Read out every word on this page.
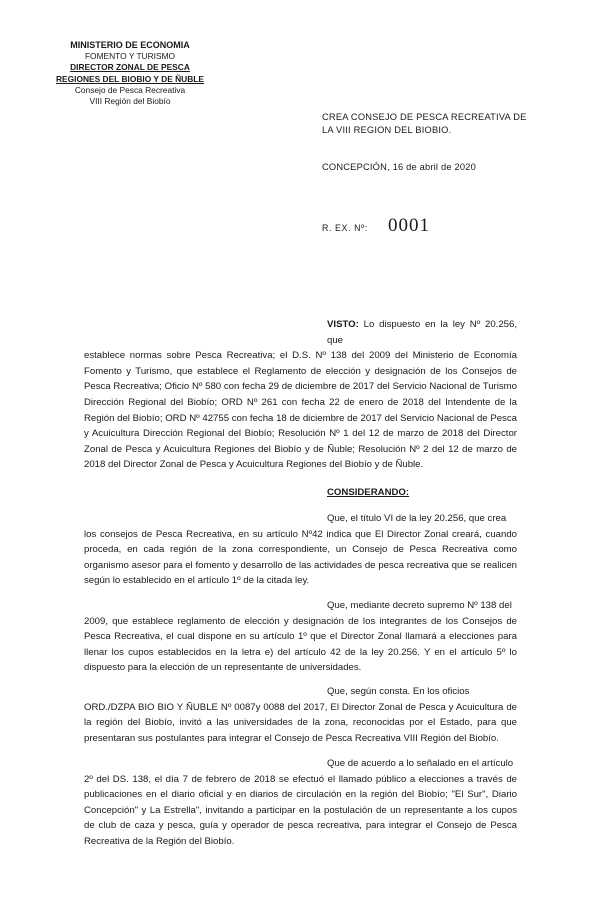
MINISTERIO DE ECONOMIA
FOMENTO Y TURISMO
DIRECTOR ZONAL DE PESCA
REGIONES DEL BIOBIO Y DE ÑUBLE
Consejo de Pesca Recreativa
VIII Región del Biobío
CREA CONSEJO DE PESCA RECREATIVA DE
LA VIII REGION DEL BIOBIO.
CONCEPCIÓN, 16 de abril de 2020
R. EX. Nº:	0001

VISTO: Lo dispuesto en la ley Nº 20.256, que

establece normas sobre Pesca Recreativa; el D.S. Nº 138 del 2009 del Ministerio de Economía Fomento y Turismo, que establece el Reglamento de elección y designación de los Consejos de Pesca Recreativa; Oficio Nº 580 con fecha 29 de diciembre de 2017 del Servicio Nacional de Turismo Dirección Regional del Biobío; ORD Nº 261 con fecha 22 de enero de 2018 del Intendente de la Región del Biobío; ORD Nº 42755 con fecha 18 de diciembre de 2017 del Servicio Nacional de Pesca y Acuicultura Dirección Regional del Biobío; Resolución Nº 1 del 12 de marzo de 2018 del Director Zonal de Pesca y Acuicultura Regiones del Biobío y de Ñuble; Resolución Nº 2 del 12 de marzo de 2018 del Director Zonal de Pesca y Acuicultura Regiones del Biobío y de Ñuble.

CONSIDERANDO:

Que, el título VI de la ley 20.256, que crea

los consejos de Pesca Recreativa, en su artículo Nº42 indica que El Director Zonal creará, cuando proceda, en cada región de la zona correspondiente, un Consejo de Pesca Recreativa como organismo asesor para el fomento y desarrollo de las actividades de pesca recreativa que se realicen según lo establecido en el artículo 1º de la citada ley.

Que, mediante decreto supremo Nº 138 del

2009, que establece reglamento de elección y designación de los integrantes de los Consejos de Pesca Recreativa, el cual dispone en su artículo 1º que el Director Zonal llamará a elecciones para llenar los cupos establecidos en la letra e) del artículo 42 de la ley 20.256. Y en el artículo 5º lo dispuesto para la elección de un representante de universidades.

Que, según consta. En los oficios

ORD./DZPA BIO BIO Y ÑUBLE Nº 0087y 0088 del 2017, El Director Zonal de Pesca y Acuicultura de la región del Biobío, invitó a las universidades de la zona, reconocidas por el Estado, para que presentaran sus postulantes para integrar el Consejo de Pesca Recreativa VIII Región del Biobío.

Que de acuerdo a lo señalado en el artículo

2º del DS. 138, el día 7 de febrero de 2018 se efectuó el llamado público a elecciones a través de publicaciones en el diario oficial y en diarios de circulación en la región del Biobío; "El Sur", Diario Concepción" y La Estrella", invitando a participar en la postulación de un representante a los cupos de club de caza y pesca, guía y operador de pesca recreativa, para integrar el Consejo de Pesca Recreativa de la Región del Biobío.
